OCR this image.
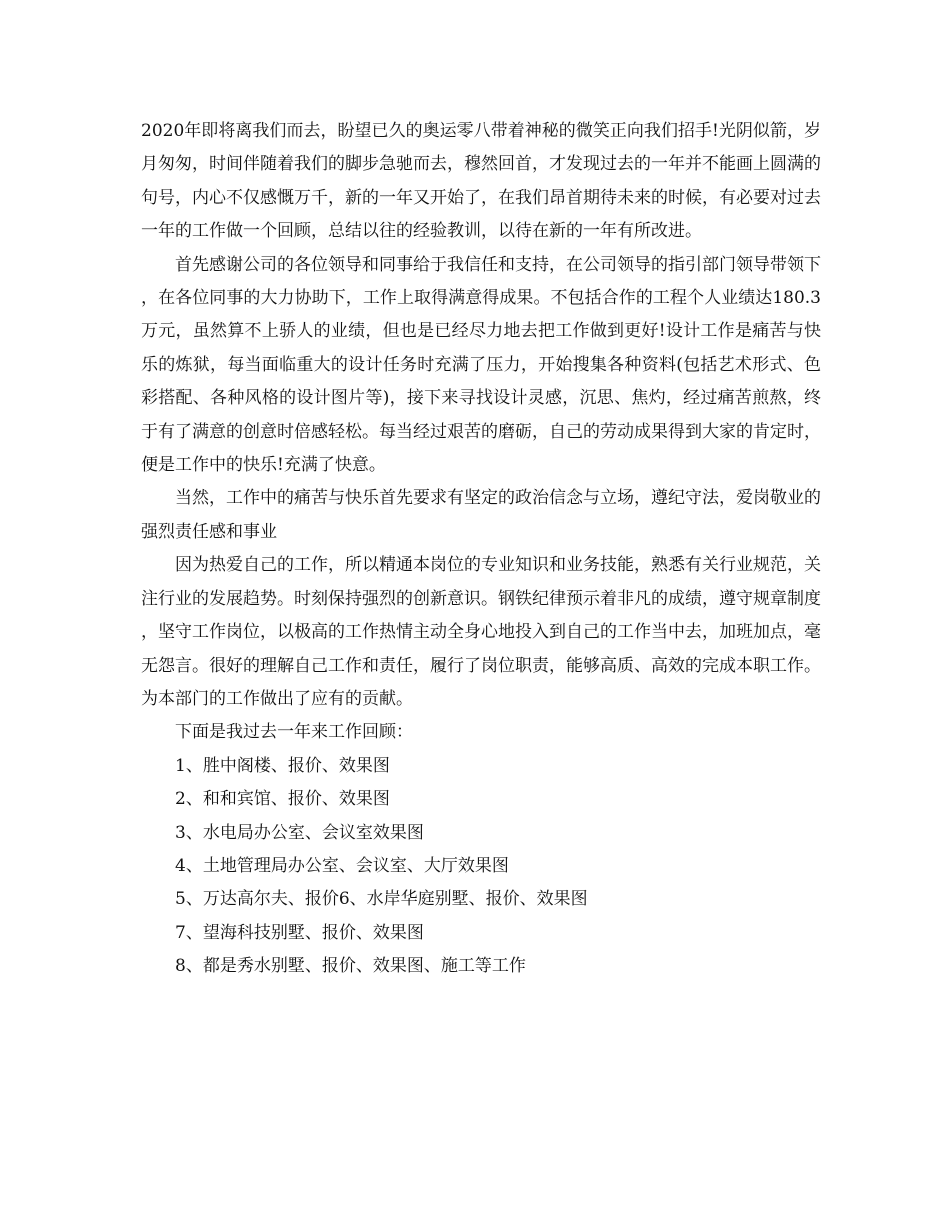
2020年即将离我们而去，盼望已久的奥运零八带着神秘的微笑正向我们招手!光阴似箭，岁月匆匆，时间伴随着我们的脚步急驰而去，穆然回首，才发现过去的一年并不能画上圆满的句号，内心不仅感慨万千，新的一年又开始了，在我们昂首期待未来的时候，有必要对过去一年的工作做一个回顾，总结以往的经验教训，以待在新的一年有所改进。

首先感谢公司的各位领导和同事给于我信任和支持，在公司领导的指引部门领导带领下，在各位同事的大力协助下，工作上取得满意得成果。不包括合作的工程个人业绩达180.3万元，虽然算不上骄人的业绩，但也是已经尽力地去把工作做到更好!设计工作是痛苦与快乐的炼狱，每当面临重大的设计任务时充满了压力，开始搜集各种资料(包括艺术形式、色彩搭配、各种风格的设计图片等)，接下来寻找设计灵感，沉思、焦灼，经过痛苦煎熬，终于有了满意的创意时倍感轻松。每当经过艰苦的磨砺，自己的劳动成果得到大家的肯定时，便是工作中的快乐!充满了快意。

当然，工作中的痛苦与快乐首先要求有坚定的政治信念与立场，遵纪守法，爱岗敬业的强烈责任感和事业

因为热爱自己的工作，所以精通本岗位的专业知识和业务技能，熟悉有关行业规范，关注行业的发展趋势。时刻保持强烈的创新意识。钢铁纪律预示着非凡的成绩，遵守规章制度，坚守工作岗位，以极高的工作热情主动全身心地投入到自己的工作当中去，加班加点，毫无怨言。很好的理解自己工作和责任，履行了岗位职责，能够高质、高效的完成本职工作。为本部门的工作做出了应有的贡献。

下面是我过去一年来工作回顾：

1、胜中阁楼、报价、效果图

2、和和宾馆、报价、效果图

3、水电局办公室、会议室效果图

4、土地管理局办公室、会议室、大厅效果图

5、万达高尔夫、报价6、水岸华庭别墅、报价、效果图

7、望海科技别墅、报价、效果图

8、都是秀水别墅、报价、效果图、施工等工作
